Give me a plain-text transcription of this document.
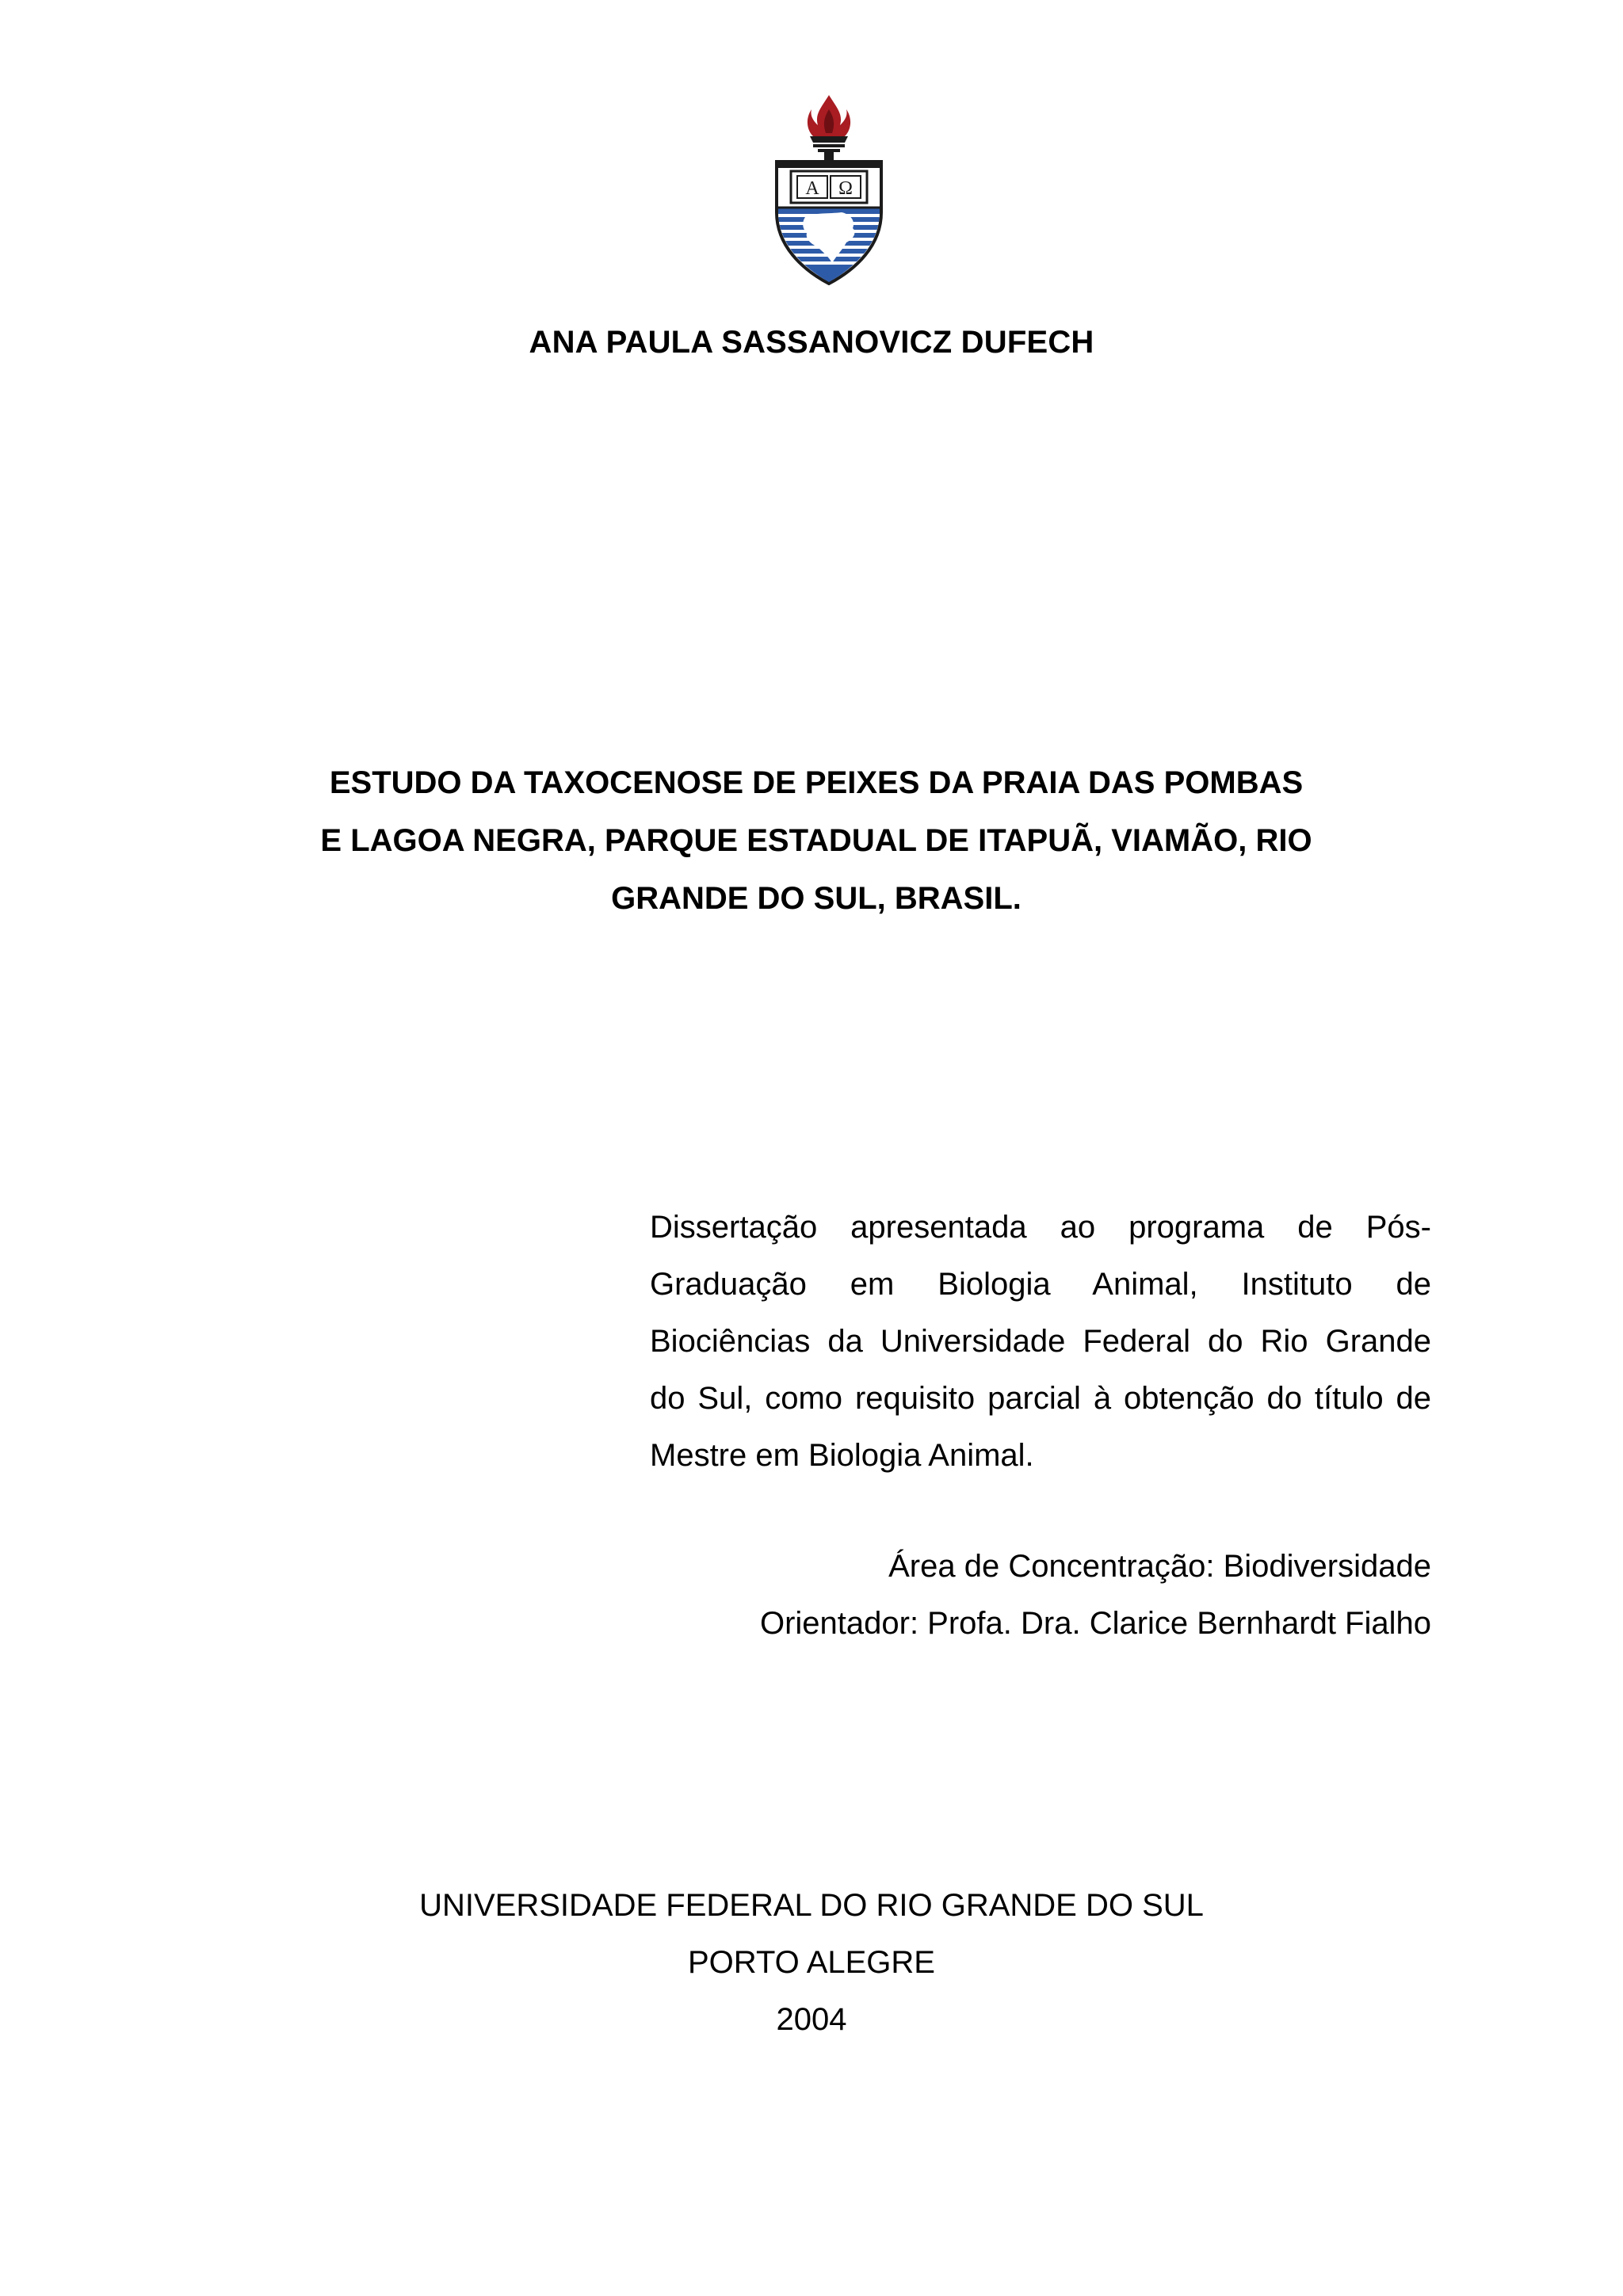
A Ω
ANA PAULA SASSANOVICZ DUFECH
ESTUDO DA TAXOCENOSE DE PEIXES DA PRAIA DAS POMBAS
E LAGOA NEGRA, PARQUE ESTADUAL DE ITAPUÃ, VIAMÃO, RIO
GRANDE DO SUL, BRASIL.
Dissertação apresentada ao programa de Pós-
Graduação em Biologia Animal, Instituto de
Biociências da Universidade Federal do Rio Grande
do Sul, como requisito parcial à obtenção do título de
Mestre em Biologia Animal.
Área de Concentração: Biodiversidade
Orientador: Profa. Dra. Clarice Bernhardt Fialho
UNIVERSIDADE FEDERAL DO RIO GRANDE DO SUL
PORTO ALEGRE
2004
